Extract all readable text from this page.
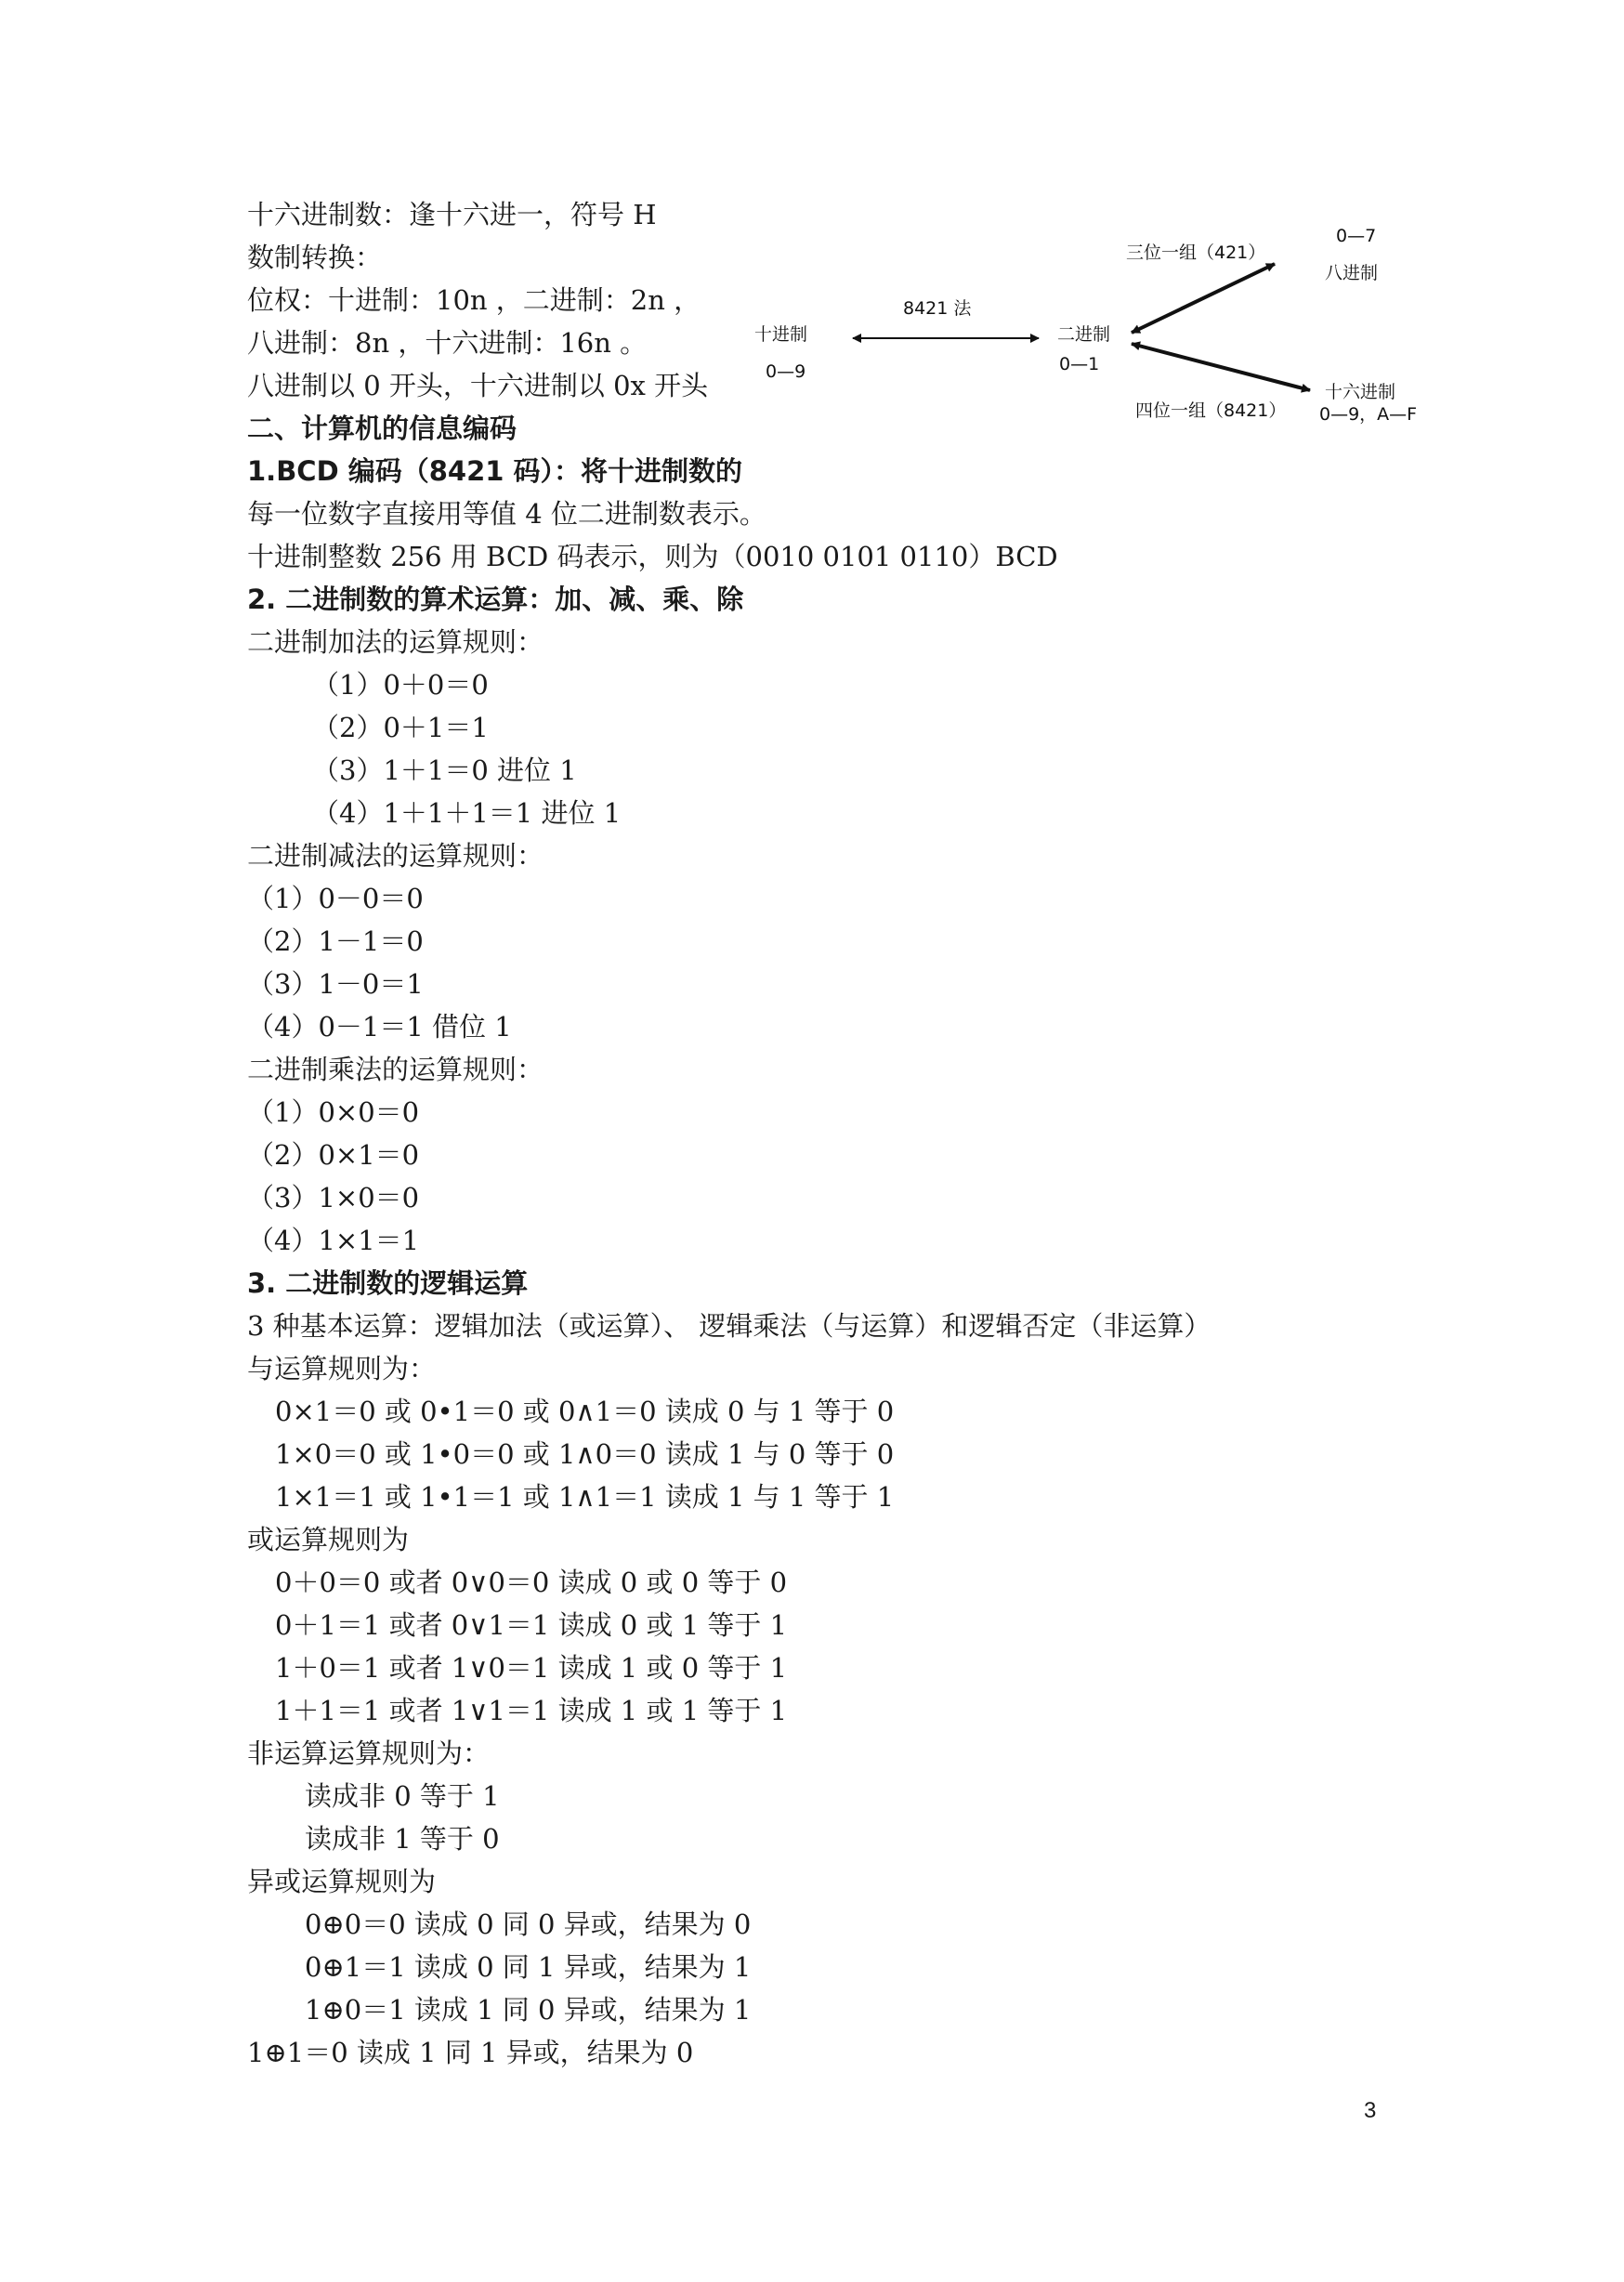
十六进制数：逢十六进一，符号 H
数制转换：
位权：十进制：10n ，二进制：2n ，
八进制：8n ，十六进制：16n 。
八进制以 0 开头，十六进制以 0x 开头
二、计算机的信息编码
1.BCD 编码（8421 码）：将十进制数的
每一位数字直接用等值 4 位二进制数表示。
十进制整数 256 用 BCD 码表示，则为（0010 0101 0110）BCD
2. 二进制数的算术运算：加、减、乘、除
二进制加法的运算规则：
（1）0＋0＝0
（2）0＋1＝1
（3）1＋1＝0 进位 1
（4）1＋1＋1＝1 进位 1
二进制减法的运算规则：
（1）0－0＝0
（2）1－1＝0
（3）1－0＝1
（4）0－1＝1 借位 1
二进制乘法的运算规则：
（1）0×0＝0
（2）0×1＝0
（3）1×0＝0
（4）1×1＝1
3. 二进制数的逻辑运算
3 种基本运算：逻辑加法（或运算）、 逻辑乘法（与运算）和逻辑否定（非运算）
与运算规则为：
0×1＝0 或 0•1＝0 或 0∧1＝0 读成 0 与 1 等于 0
1×0＝0 或 1•0＝0 或 1∧0＝0 读成 1 与 0 等于 0
1×1＝1 或 1•1＝1 或 1∧1＝1 读成 1 与 1 等于 1
或运算规则为
0＋0＝0 或者 0∨0＝0 读成 0 或 0 等于 0
0＋1＝1 或者 0∨1＝1 读成 0 或 1 等于 1
1＋0＝1 或者 1∨0＝1 读成 1 或 0 等于 1
1＋1＝1 或者 1∨1＝1 读成 1 或 1 等于 1
非运算运算规则为：
读成非 0 等于 1
读成非 1 等于 0
异或运算规则为
0⊕0＝0 读成 0 同 0 异或，结果为 0
0⊕1＝1 读成 0 同 1 异或，结果为 1
1⊕0＝1 读成 1 同 0 异或，结果为 1
1⊕1＝0 读成 1 同 1 异或，结果为 0
十进制
0—9
8421 法
二进制
0—1
三位一组（421）
0—7
八进制
四位一组（8421）
十六进制
0—9，A—F
3
